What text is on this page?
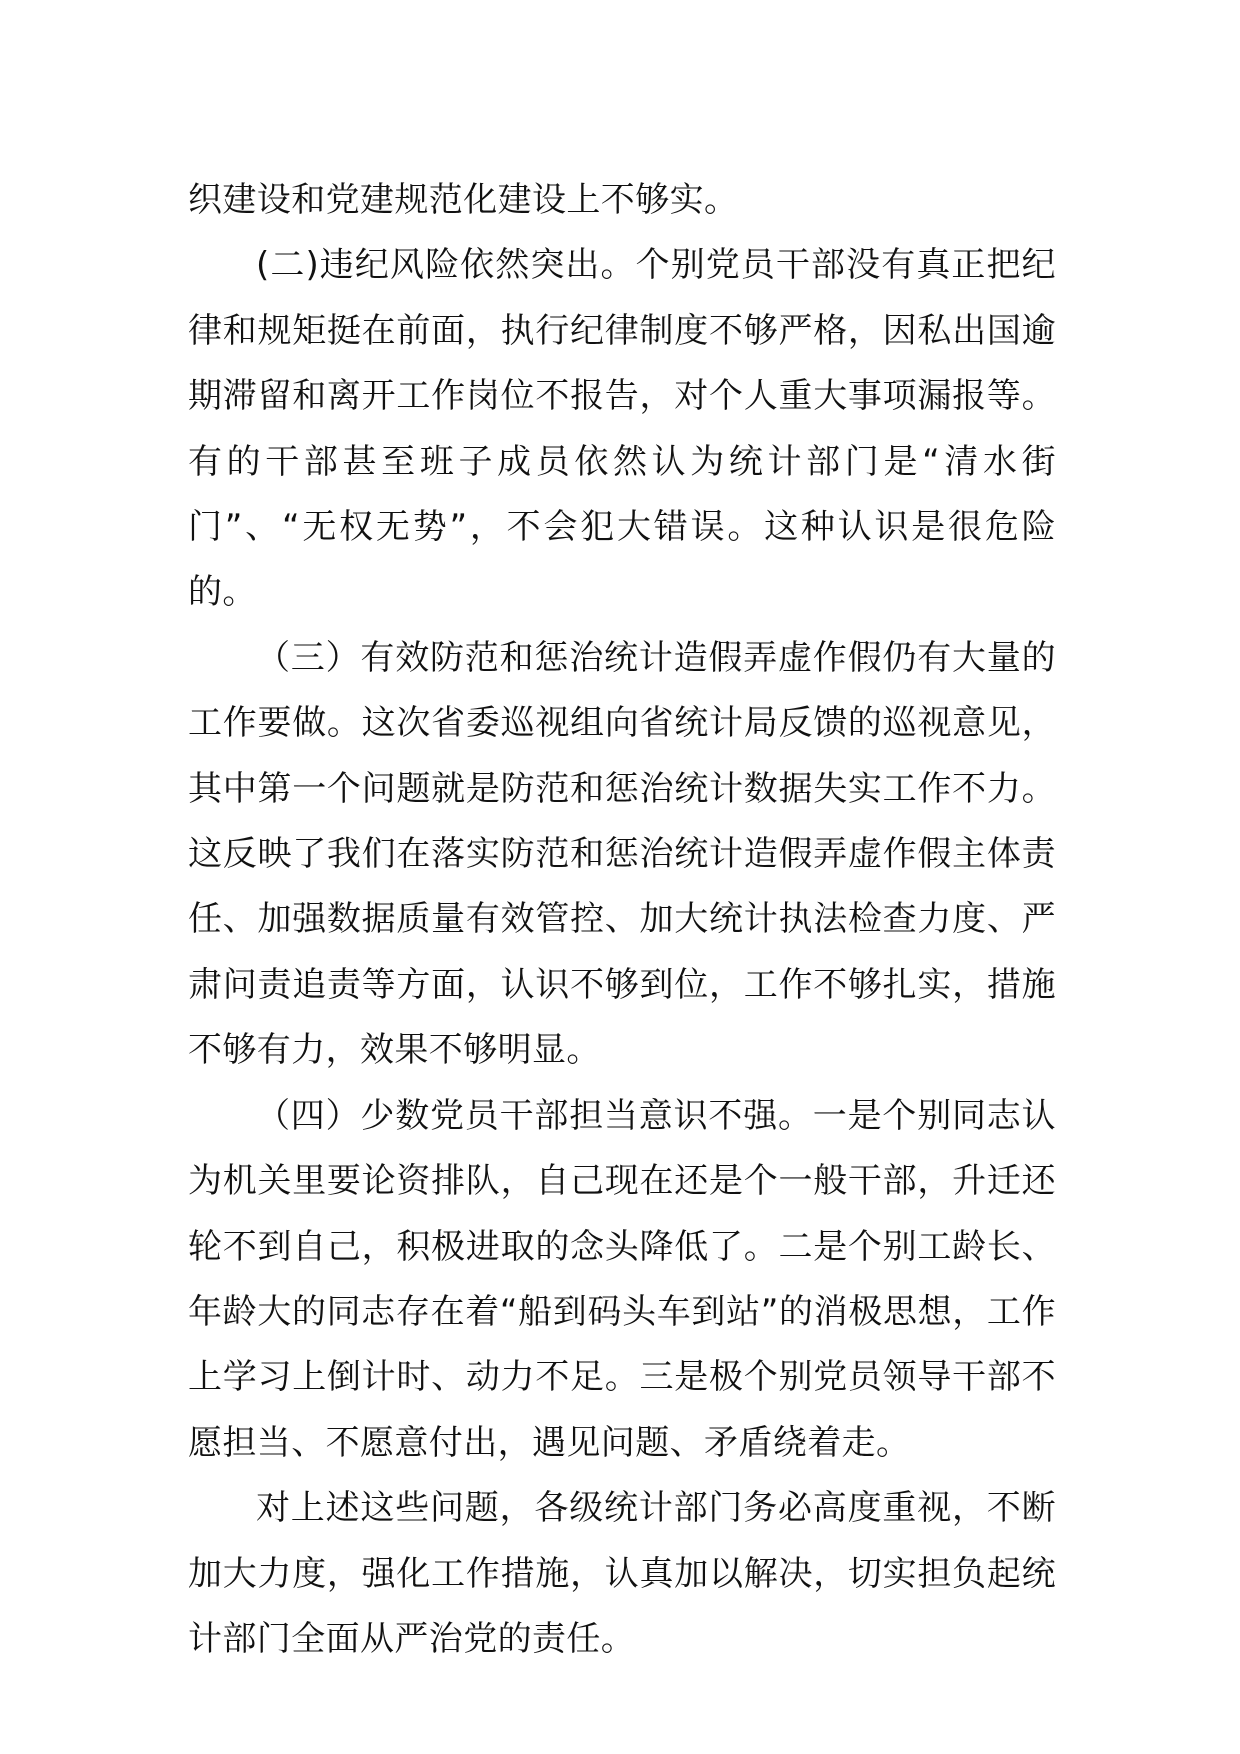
织建设和党建规范化建设上不够实。

(二)违纪风险依然突出。个别党员干部没有真正把纪律和规矩挺在前面，执行纪律制度不够严格，因私出国逾期滞留和离开工作岗位不报告，对个人重大事项漏报等。有的干部甚至班子成员依然认为统计部门是“清水街门”、“无权无势”，不会犯大错误。这种认识是很危险的。

（三）有效防范和惩治统计造假弄虚作假仍有大量的工作要做。这次省委巡视组向省统计局反馈的巡视意见，其中第一个问题就是防范和惩治统计数据失实工作不力。这反映了我们在落实防范和惩治统计造假弄虚作假主体责任、加强数据质量有效管控、加大统计执法检查力度、严肃问责追责等方面，认识不够到位，工作不够扎实，措施不够有力，效果不够明显。

（四）少数党员干部担当意识不强。一是个别同志认为机关里要论资排队，自己现在还是个一般干部，升迁还轮不到自己，积极进取的念头降低了。二是个别工龄长、年龄大的同志存在着“船到码头车到站”的消极思想，工作上学习上倒计时、动力不足。三是极个别党员领导干部不愿担当、不愿意付出，遇见问题、矛盾绕着走。

对上述这些问题，各级统计部门务必高度重视，不断加大力度，强化工作措施，认真加以解决，切实担负起统计部门全面从严治党的责任。
